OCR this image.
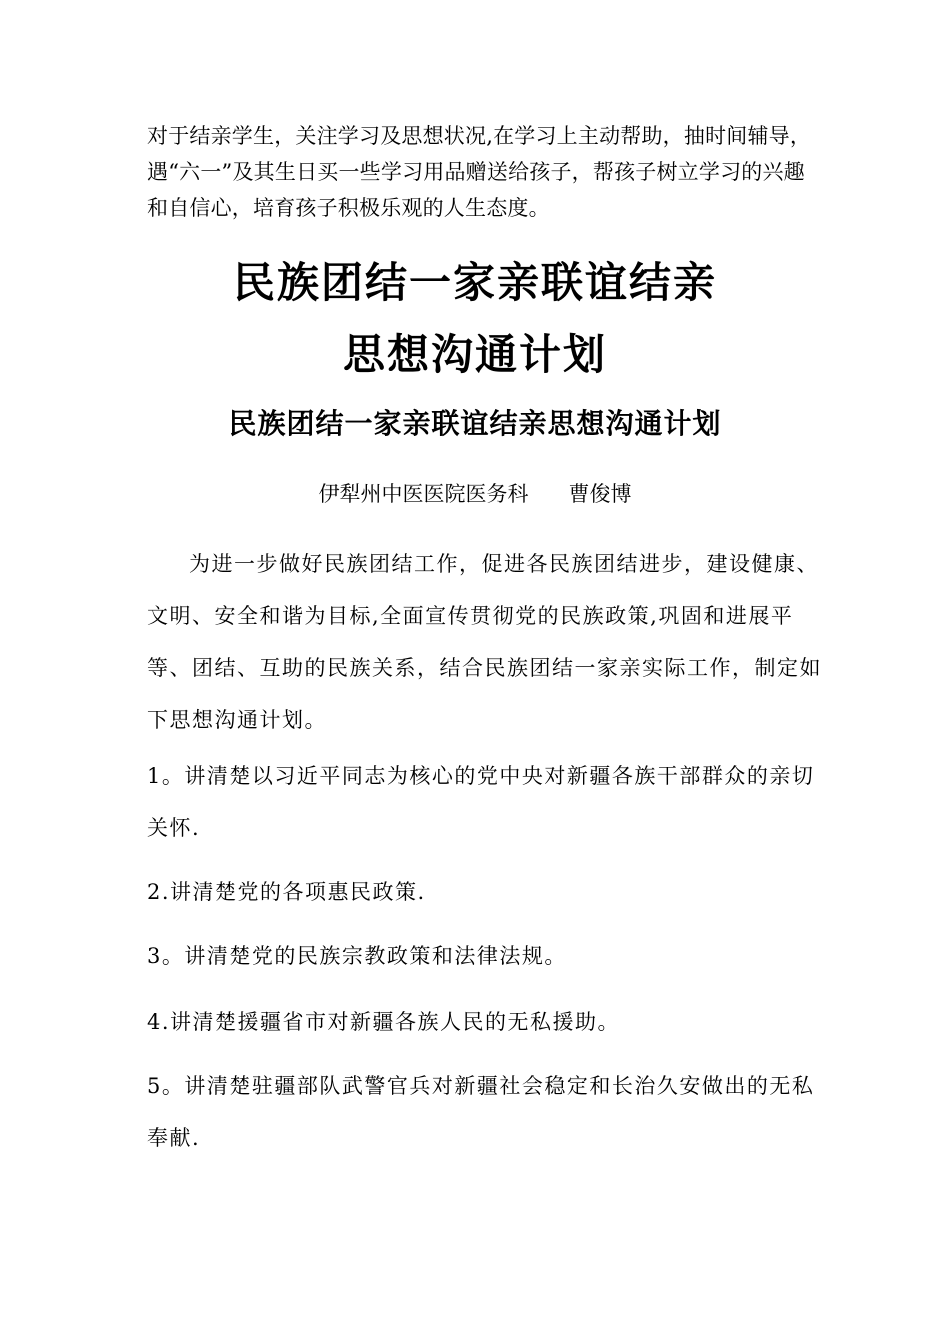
对于结亲学生，关注学习及思想状况,在学习上主动帮助，抽时间辅导，遇“六一”及其生日买一些学习用品赠送给孩子，帮孩子树立学习的兴趣和自信心，培育孩子积极乐观的人生态度。

民族团结一家亲联谊结亲
思想沟通计划
民族团结一家亲联谊结亲思想沟通计划

伊犁州中医医院医务科 曹俊博

为进一步做好民族团结工作，促进各民族团结进步，建设健康、文明、安全和谐为目标,全面宣传贯彻党的民族政策,巩固和进展平等、团结、互助的民族关系，结合民族团结一家亲实际工作，制定如下思想沟通计划。

1。讲清楚以习近平同志为核心的党中央对新疆各族干部群众的亲切关怀.

2.讲清楚党的各项惠民政策.

3。讲清楚党的民族宗教政策和法律法规。

4.讲清楚援疆省市对新疆各族人民的无私援助。

5。讲清楚驻疆部队武警官兵对新疆社会稳定和长治久安做出的无私奉献.
